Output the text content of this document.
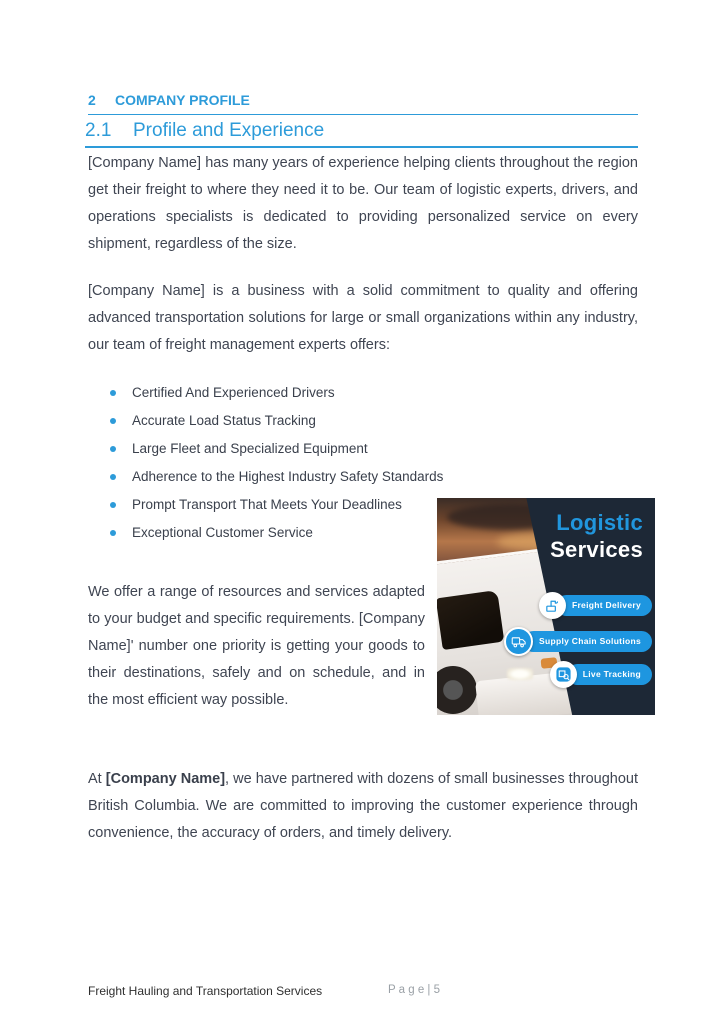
2 COMPANY PROFILE
2.1 Profile and Experience

[Company Name] has many years of experience helping clients throughout the region get their freight to where they need it to be. Our team of logistic experts, drivers, and operations specialists is dedicated to providing personalized service on every shipment, regardless of the size.

[Company Name] is a business with a solid commitment to quality and offering advanced transportation solutions for large or small organizations within any industry, our team of freight management experts offers:

Certified And Experienced Drivers
Accurate Load Status Tracking
Large Fleet and Specialized Equipment
Adherence to the Highest Industry Safety Standards
Prompt Transport That Meets Your Deadlines
Exceptional Customer Service	Logistic
Services
Freight Delivery
Supply Chain Solutions
Live Tracking

We offer a range of resources and services adapted to your budget and specific requirements. [Company Name]' number one priority is getting your goods to their destinations, safely and on schedule, and in the most efficient way possible.

At [Company Name], we have partnered with dozens of small businesses throughout British Columbia. We are committed to improving the customer experience through convenience, the accuracy of orders, and timely delivery.

Freight Hauling and Transportation Services	P a g e | 5
